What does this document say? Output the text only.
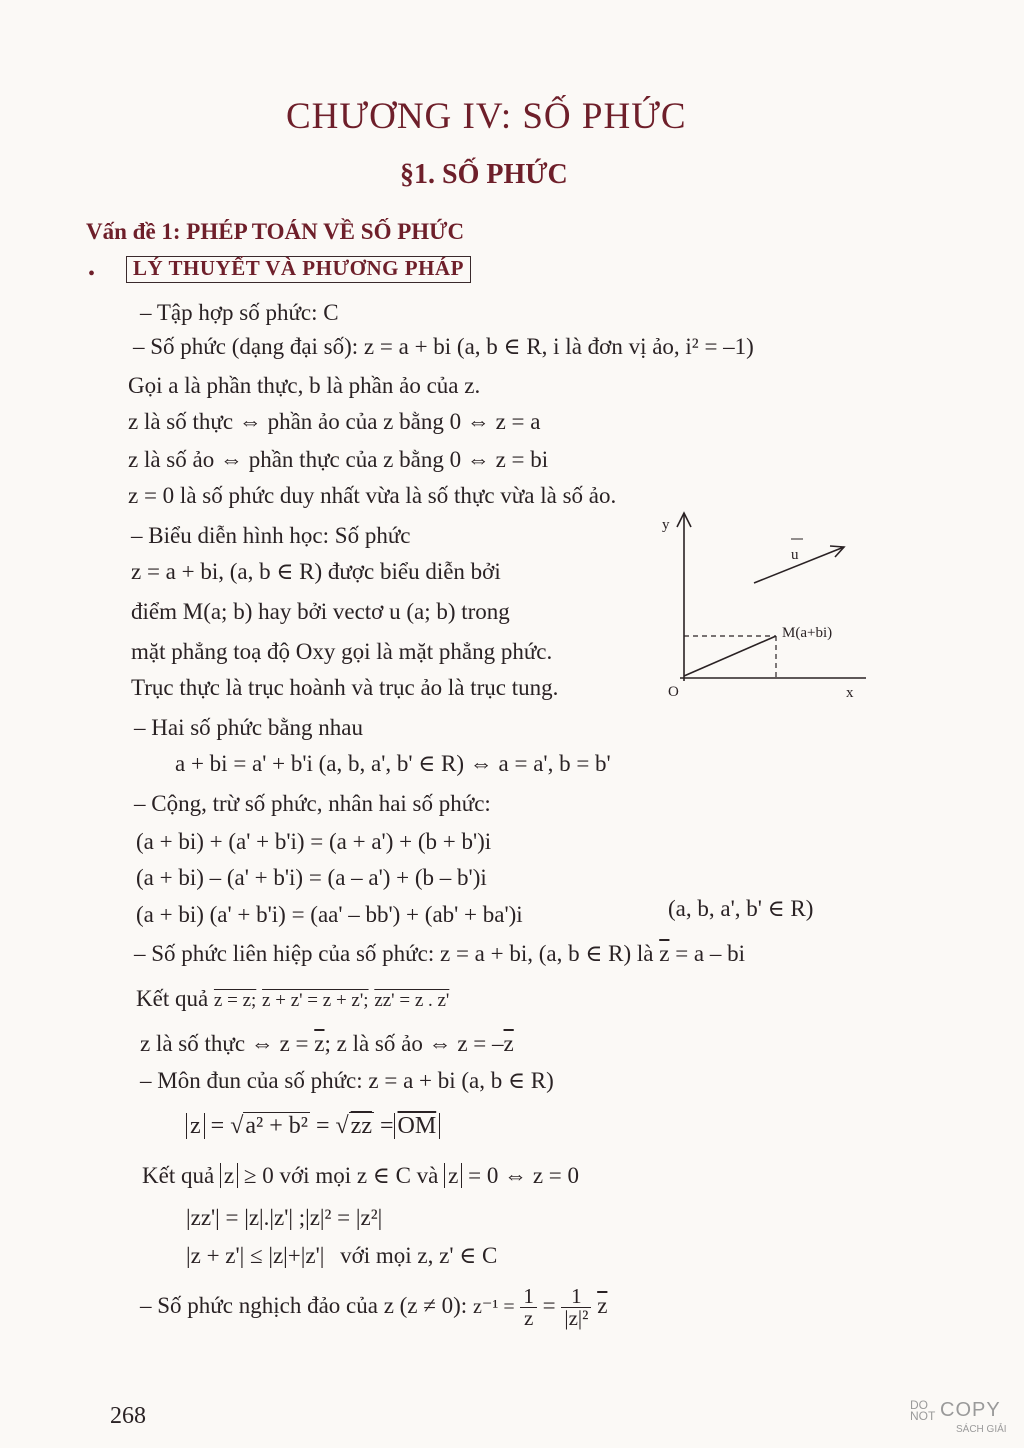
CHƯƠNG IV: SỐ PHỨC
§1. SỐ PHỨC
Vấn đề 1: PHÉP TOÁN VỀ SỐ PHỨC
•	LÝ THUYẾT VÀ PHƯƠNG PHÁP
– Tập hợp số phức: C
– Số phức (dạng đại số): z = a + bi (a, b ∈ R, i là đơn vị ảo, i² = –1)
Gọi a là phần thực, b là phần ảo của z.
z là số thực ⇔ phần ảo của z bằng 0 ⇔ z = a
z là số ảo ⇔ phần thực của z bằng 0 ⇔ z = bi
z = 0 là số phức duy nhất vừa là số thực vừa là số ảo.
– Biểu diễn hình học: Số phức
z = a + bi, (a, b ∈ R) được biểu diễn bởi
điểm M(a; b) hay bởi vectơ u (a; b) trong
mặt phẳng toạ độ Oxy gọi là mặt phẳng phức.
Trục thực là trục hoành và trục ảo là trục tung.
y
x
O
u
M(a+bi)
– Hai số phức bằng nhau
a + bi = a' + b'i (a, b, a', b' ∈ R) ⇔ a = a', b = b'
– Cộng, trừ số phức, nhân hai số phức:
(a + bi) + (a' + b'i) = (a + a') + (b + b')i
(a + bi) – (a' + b'i) = (a – a') + (b – b')i
(a + bi) (a' + b'i) = (aa' – bb') + (ab' + ba')i	(a, b, a', b' ∈ R)
– Số phức liên hiệp của số phức: z = a + bi, (a, b ∈ R) là $\overline{z} = a$ – bi
Kết quả z = z; z + z' = z + z'; zz' = z . z'
z là số thực ⇔ $z = \overline{z}$; z là số ảo ⇔ $z = -\overline{z}$
– Môn đun của số phức: z = a + bi (a, b ∈ R)
$z = √a^2 + b^2 = √zz = \overline{OM}$
Kết quả z ≥ 0 với mọi z ∈ C và z = 0 ⇔ z = 0
|zz'| = |z|.|z'| ;|z|² = |z²|
|z + z'| ≤ |z|+|z'| với mọi z, z' ∈ C
– Số phức nghịch đảo của z (z ≠ 0): $z^{-1} = \frac{1}{z} = \frac{1}{\text{|z|²}} \overline{z}$
268	DO NOT COPY
SÁCH GIẢI
